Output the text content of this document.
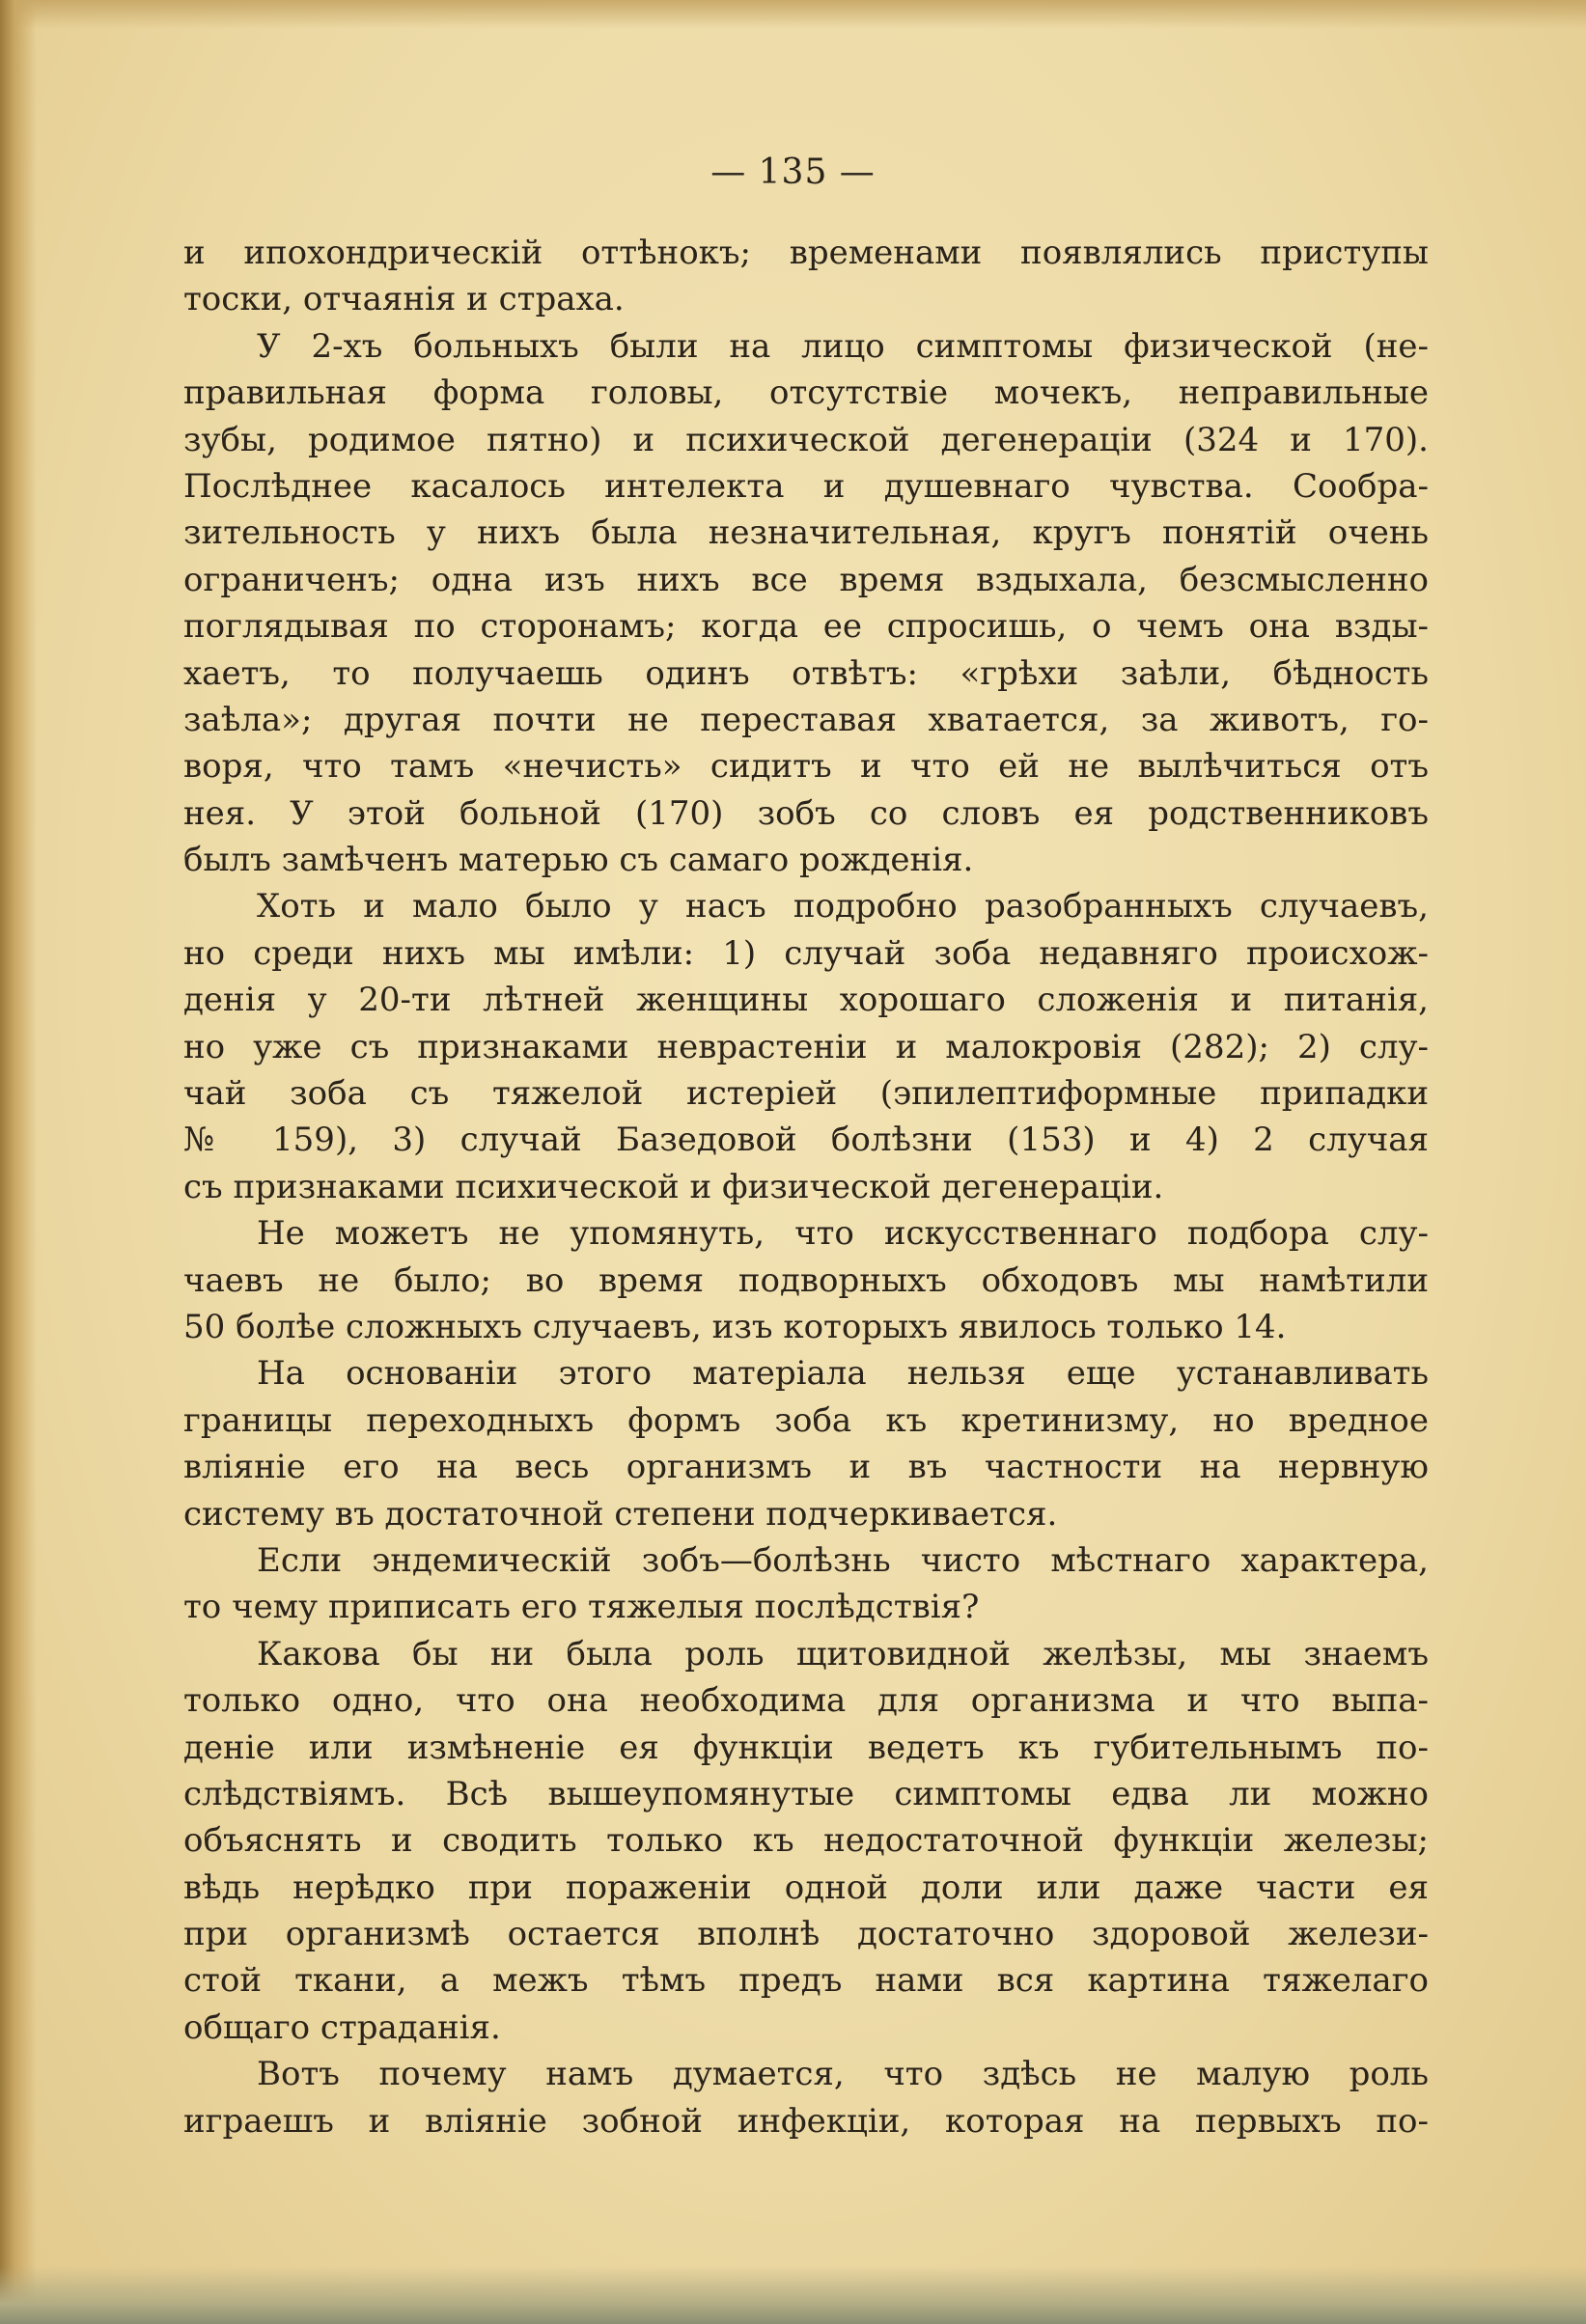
— 135 —
и ипохондрическій оттѣнокъ; временами появлялись приступы
тоски, отчаянія и страха.
У 2-хъ больныхъ были на лицо симптомы физической (не-
правильная форма головы, отсутствіе мочекъ, неправильные
зубы, родимое пятно) и психической дегенераціи (324 и 170).
Послѣднее касалось интелекта и душевнаго чувства. Сообра-
зительность у нихъ была незначительная, кругъ понятій очень
ограниченъ; одна изъ нихъ все время вздыхала, безсмысленно
поглядывая по сторонамъ; когда ее спросишь, о чемъ она взды-
хаетъ, то получаешь одинъ отвѣтъ: «грѣхи заѣли, бѣдность
заѣла»; другая почти не переставая хватается, за животъ, го-
воря, что тамъ «нечисть» сидитъ и что ей не вылѣчиться отъ
нея. У этой больной (170) зобъ со словъ ея родственниковъ
былъ замѣченъ матерью съ самаго рожденія.
Хоть и мало было у насъ подробно разобранныхъ случаевъ,
но среди нихъ мы имѣли: 1) случай зоба недавняго происхож-
денія у 20-ти лѣтней женщины хорошаго сложенія и питанія,
но уже съ признаками неврастеніи и малокровія (282); 2) слу-
чай зоба съ тяжелой истеріей (эпилептиформные припадки
№ 159), 3) случай Базедовой болѣзни (153) и 4) 2 случая
съ признаками психической и физической дегенераціи.
Не можетъ не упомянуть, что искусственнаго подбора слу-
чаевъ не было; во время подворныхъ обходовъ мы намѣтили
50 болѣе сложныхъ случаевъ, изъ которыхъ явилось только 14.
На основаніи этого матеріала нельзя еще устанавливать
границы переходныхъ формъ зоба къ кретинизму, но вредное
вліяніе его на весь организмъ и въ частности на нервную
систему въ достаточной степени подчеркивается.
Если эндемическій зобъ—болѣзнь чисто мѣстнаго характера,
то чему приписать его тяжелыя послѣдствія?
Какова бы ни была роль щитовидной желѣзы, мы знаемъ
только одно, что она необходима для организма и что выпа-
деніе или измѣненіе ея функціи ведетъ къ губительнымъ по-
слѣдствіямъ. Всѣ вышеупомянутые симптомы едва ли можно
объяснять и сводить только къ недостаточной функціи железы;
вѣдь нерѣдко при пораженіи одной доли или даже части ея
при организмѣ остается вполнѣ достаточно здоровой желези-
стой ткани, а межъ тѣмъ предъ нами вся картина тяжелаго
общаго страданія.
Вотъ почему намъ думается, что здѣсь не малую роль
играешъ и вліяніе зобной инфекціи, которая на первыхъ по-
